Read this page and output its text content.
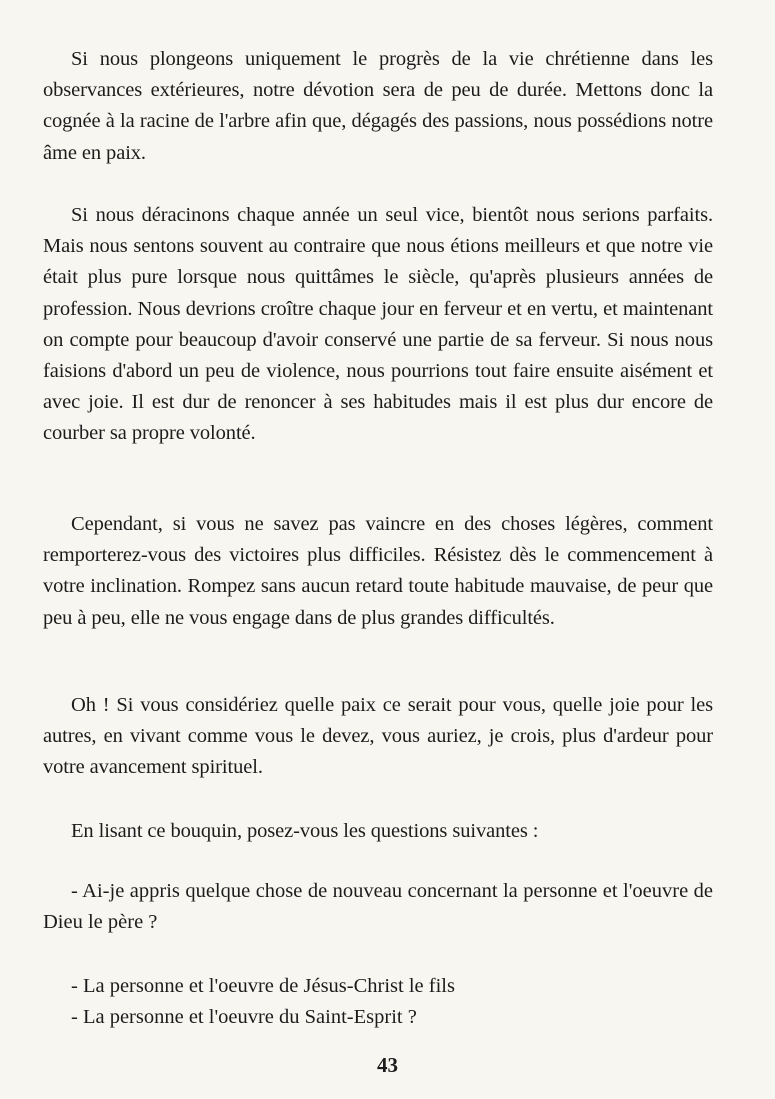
Si nous plongeons uniquement le progrès de la vie chrétienne dans les observances extérieures, notre dévotion sera de peu de durée. Mettons donc la cognée à la racine de l'arbre afin que, dégagés des passions, nous possédions notre âme en paix.

Si nous déracinons chaque année un seul vice, bientôt nous serions parfaits. Mais nous sentons souvent au contraire que nous étions meilleurs et que notre vie était plus pure lorsque nous quittâmes le siècle, qu'après plusieurs années de profession. Nous devrions croître chaque jour en ferveur et en vertu, et maintenant on compte pour beaucoup d'avoir conservé une partie de sa ferveur. Si nous nous faisions d'abord un peu de violence, nous pourrions tout faire ensuite aisément et avec joie. Il est dur de renoncer à ses habitudes mais il est plus dur encore de courber sa propre volonté.

Cependant, si vous ne savez pas vaincre en des choses légères, comment remporterez-vous des victoires plus difficiles. Résistez dès le commencement à votre inclination. Rompez sans aucun retard toute habitude mauvaise, de peur que peu à peu, elle ne vous engage dans de plus grandes difficultés.

Oh ! Si vous considériez quelle paix ce serait pour vous, quelle joie pour les autres, en vivant comme vous le devez, vous auriez, je crois, plus d'ardeur pour votre avancement spirituel.

En lisant ce bouquin, posez-vous les questions suivantes :

- Ai-je appris quelque chose de nouveau concernant la personne et l'oeuvre de Dieu le père ?

- La personne et l'oeuvre de Jésus-Christ le fils

- La personne et l'oeuvre du Saint-Esprit ?

43
